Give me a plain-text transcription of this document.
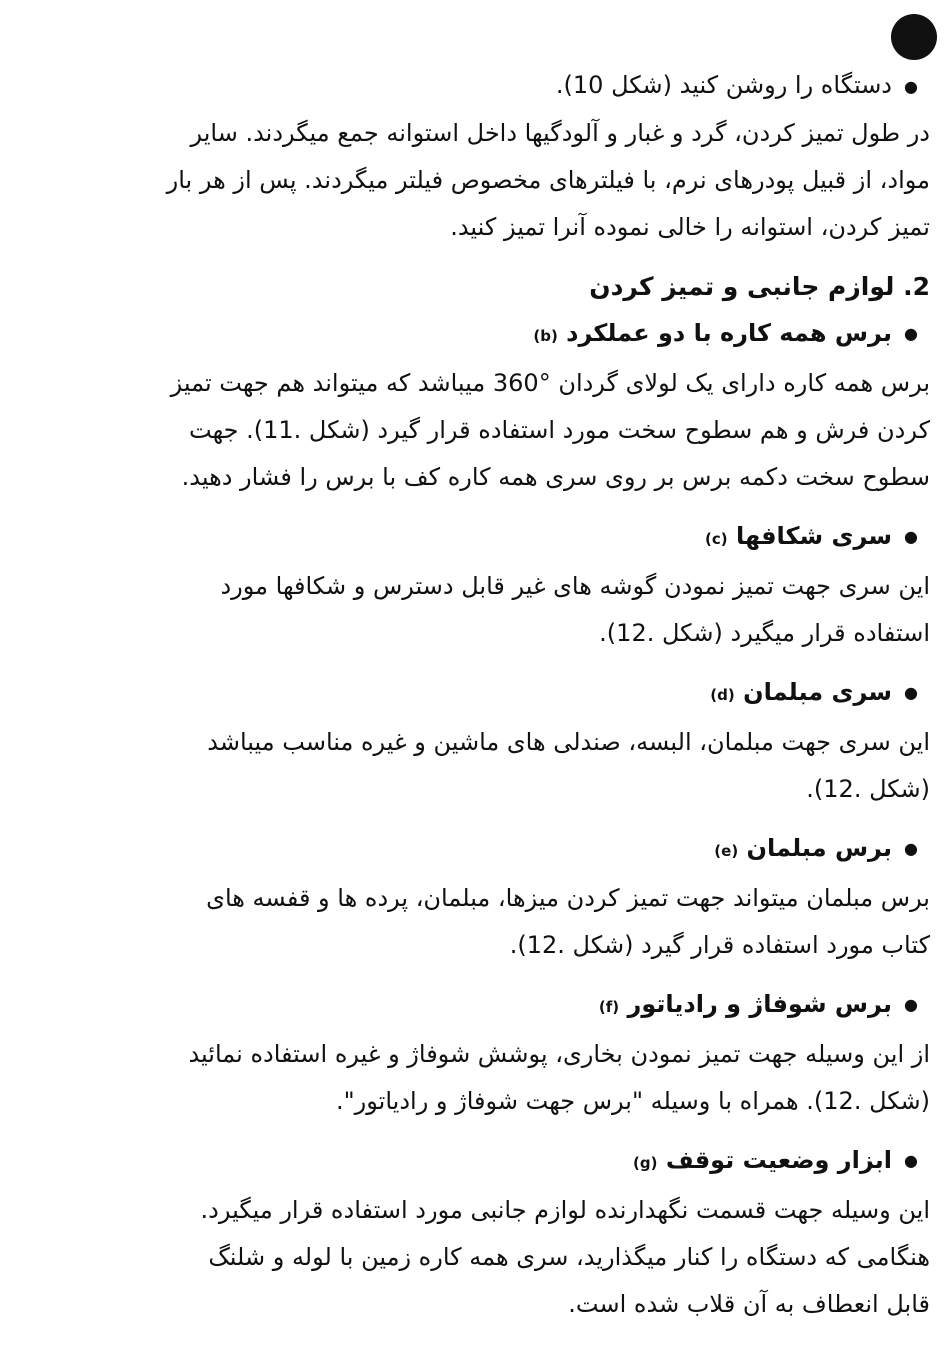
●دستگاه را روشن کنید (شکل 10).
در طول تمیز کردن، گرد و غبار و آلودگیها داخل استوانه جمع میگردند. سایر
مواد، از قبیل پودرهای نرم، با فیلترهای مخصوص فیلتر میگردند. پس از هر بار
تمیز کردن، استوانه را خالی نموده آنرا تمیز کنید.
2. لوازم جانبی و تمیز کردن
●برس همه کاره با دو عملکرد (b)
برس همه کاره دارای یک لولای گردان °360 میباشد که میتواند هم جهت تمیز
کردن فرش و هم سطوح سخت مورد استفاده قرار گیرد (شکل .11). جهت
سطوح سخت دکمه برس بر روی سری همه کاره کف با برس را فشار دهید.
●سری شکافها (c)
این سری جهت تمیز نمودن گوشه های غیر قابل دسترس و شکافها مورد
استفاده قرار میگیرد (شکل .12).
●سری مبلمان (d)
این سری جهت مبلمان، البسه، صندلی های ماشین و غیره مناسب میباشد
(شکل .12).
●برس مبلمان (e)
برس مبلمان میتواند جهت تمیز کردن میزها، مبلمان، پرده ها و قفسه های
کتاب مورد استفاده قرار گیرد (شکل .12).
●برس شوفاژ و رادیاتور (f)
از این وسیله جهت تمیز نمودن بخاری، پوشش شوفاژ و غیره استفاده نمائید
(شکل .12). همراه با وسیله "برس جهت شوفاژ و رادیاتور".
●ابزار وضعیت توقف (g)
این وسیله جهت قسمت نگهدارنده لوازم جانبی مورد استفاده قرار میگیرد.
هنگامی که دستگاه را کنار میگذارید، سری همه کاره زمین با لوله و شلنگ
قابل انعطاف به آن قلاب شده است.
